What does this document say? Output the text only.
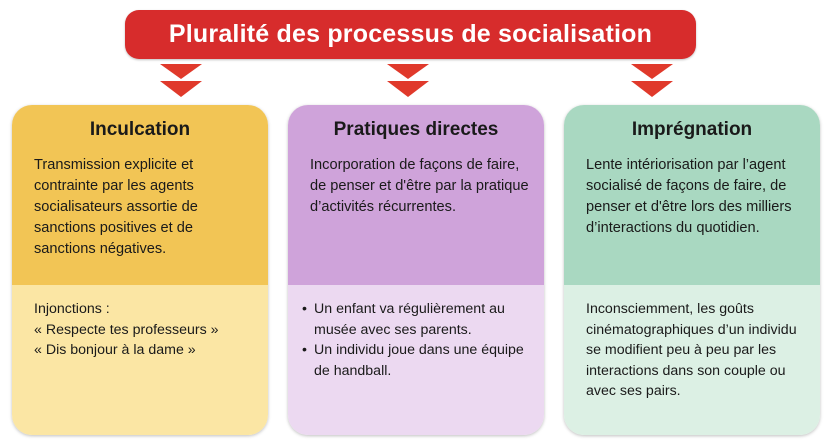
Pluralité des processus de socialisation
Inculcation
Transmission explicite et contrainte par les agents socialisateurs assortie de sanctions positives et de sanctions négatives.
Injonctions :
« Respecte tes professeurs »
« Dis bonjour à la dame »
Pratiques directes
Incorporation de façons de faire, de penser et d'être par la pratique d’activités récurrentes.
• Un enfant va régulièrement au musée avec ses parents.
• Un individu joue dans une équipe de handball.
Imprégnation
Lente intériorisation par l’agent socialisé de façons de faire, de penser et d'être lors des milliers d’interactions du quotidien.
Inconsciemment, les goûts cinématographiques d’un individu se modifient peu à peu par les interactions dans son couple ou avec ses pairs.
